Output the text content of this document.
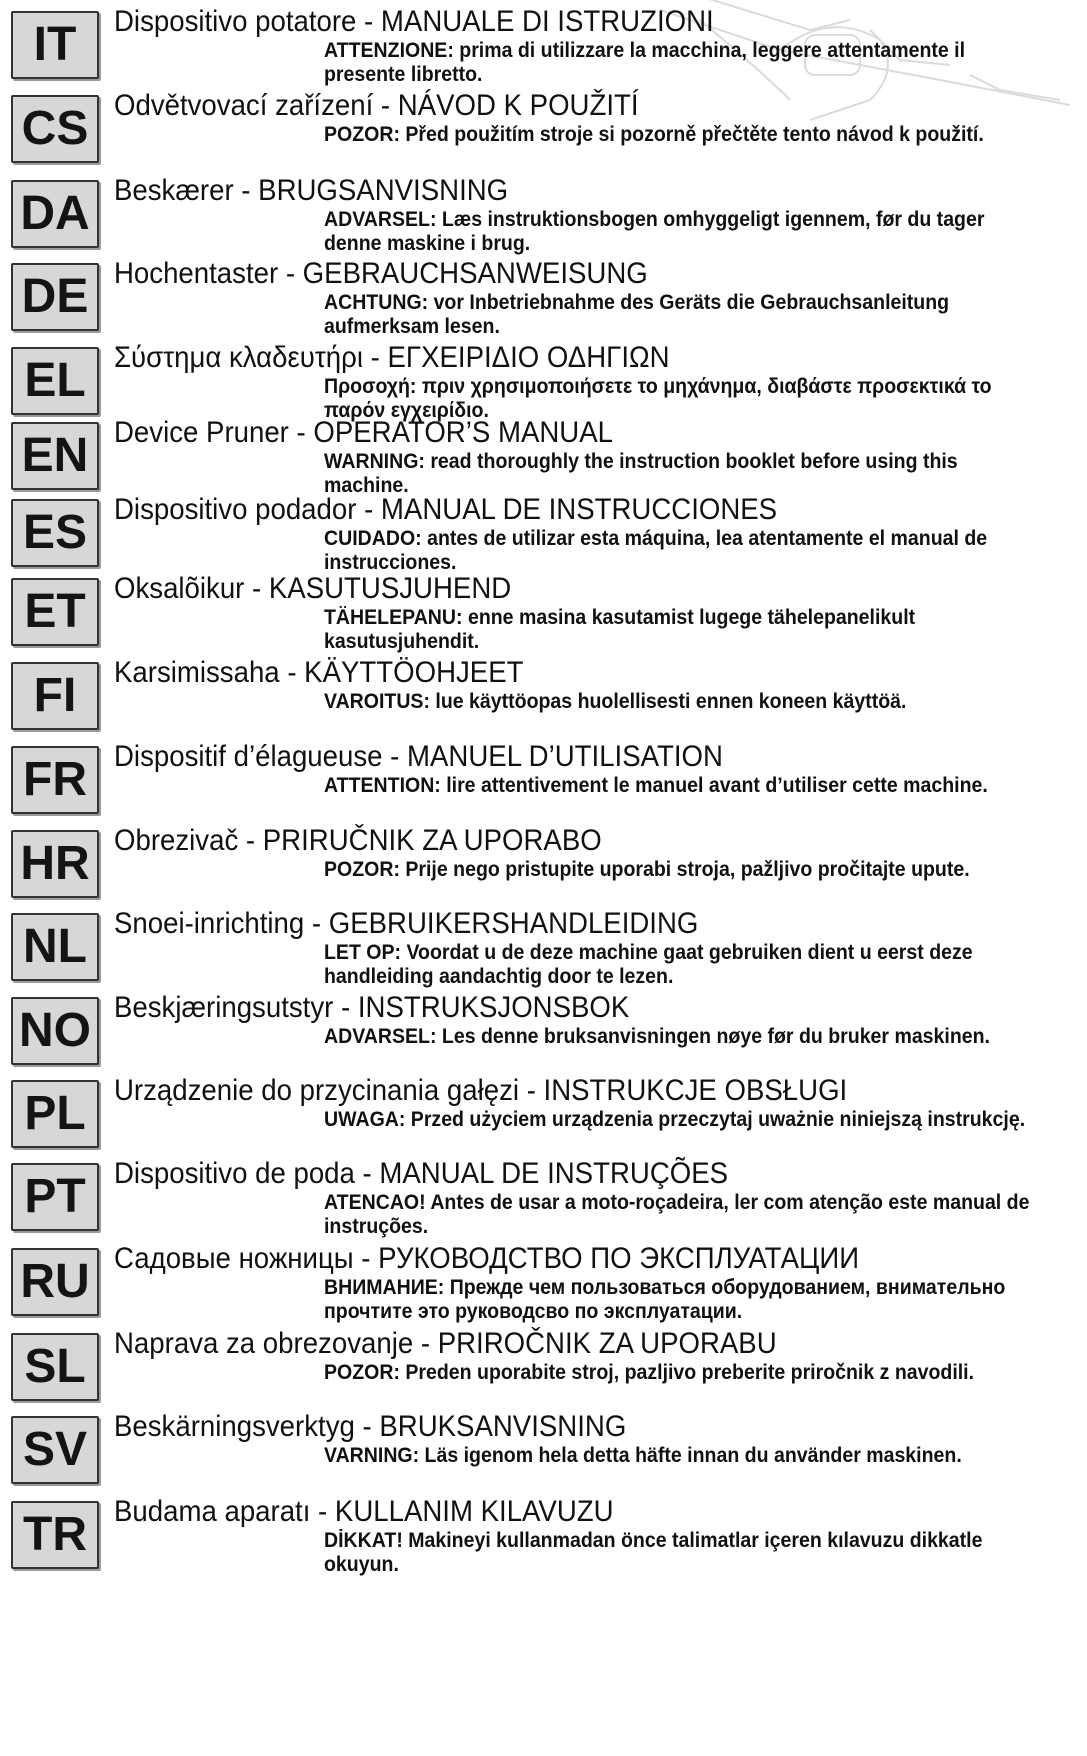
IT	Dispositivo potatore - MANUALE DI ISTRUZIONI
ATTENZIONE: prima di utilizzare la macchina, leggere attentamente il presente libretto.
CS Odvětvovací zařízení - NÁVOD K POUŽITÍ
POZOR: Před použitím stroje si pozorně přečtěte tento návod k použití.
DA Beskærer - BRUGSANVISNING
ADVARSEL: Læs instruktionsbogen omhyggeligt igennem, før du tager denne maskine i brug.
DE Hochentaster - GEBRAUCHSANWEISUNG
ACHTUNG: vor Inbetriebnahme des Geräts die Gebrauchsanleitung aufmerksam lesen.
EL Σύστημα κλαδευτήρι - ΕΓΧΕΙΡΙΔΙΟ ΟΔΗΓΙΩΝ
Προσοχή: πριν χρησιμοποιήσετε το μηχάνημα, διαβάστε προσεκτικά το παρόν εγχειρίδιο.
EN Device Pruner - OPERATOR’S MANUAL
WARNING: read thoroughly the instruction booklet before using this machine.
ES Dispositivo podador - MANUAL DE INSTRUCCIONES
CUIDADO: antes de utilizar esta máquina, lea atentamente el manual de instrucciones.
ET Oksalõikur - KASUTUSJUHEND
TÄHELEPANU: enne masina kasutamist lugege tähelepanelikult kasutusjuhendit.
FI	Karsimissaha - KÄYTTÖOHJEET
VAROITUS: lue käyttöopas huolellisesti ennen koneen käyttöä.
FR Dispositif d’élagueuse - MANUEL D’UTILISATION
ATTENTION: lire attentivement le manuel avant d’utiliser cette machine.
HR Obrezivač - PRIRUČNIK ZA UPORABO
POZOR: Prije nego pristupite uporabi stroja, pažljivo pročitajte upute.
NL Snoei-inrichting - GEBRUIKERSHANDLEIDING
LET OP: Voordat u de deze machine gaat gebruiken dient u eerst deze handleiding aandachtig door te lezen.
NO Beskjæringsutstyr - INSTRUKSJONSBOK
ADVARSEL: Les denne bruksanvisningen nøye før du bruker maskinen.
PL Urządzenie do przycinania gałęzi - INSTRUKCJE OBSŁUGI
UWAGA: Przed użyciem urządzenia przeczytaj uważnie niniejszą instrukcję.
PT Dispositivo de poda - MANUAL DE INSTRUÇÕES
ATENCAO! Antes de usar a moto-roçadeira, ler com atenção este manual de instruções.
RU Садовые ножницы - РУКОВОДСТВО ПО ЭКСПЛУАТАЦИИ
ВНИМАНИЕ: Прежде чем пользоваться оборудованием, внимательно прочтите это руководсво по эксплуатации.
SL Naprava za obrezovanje - PRIROČNIK ZA UPORABU
POZOR: Preden uporabite stroj, pazljivo preberite priročnik z navodili.
SV Beskärningsverktyg - BRUKSANVISNING
VARNING: Läs igenom hela detta häfte innan du använder maskinen.
TR Budama aparatı - KULLANIM KILAVUZU
DİKKAT! Makineyi kullanmadan önce talimatlar içeren kılavuzu dikkatle okuyun.
